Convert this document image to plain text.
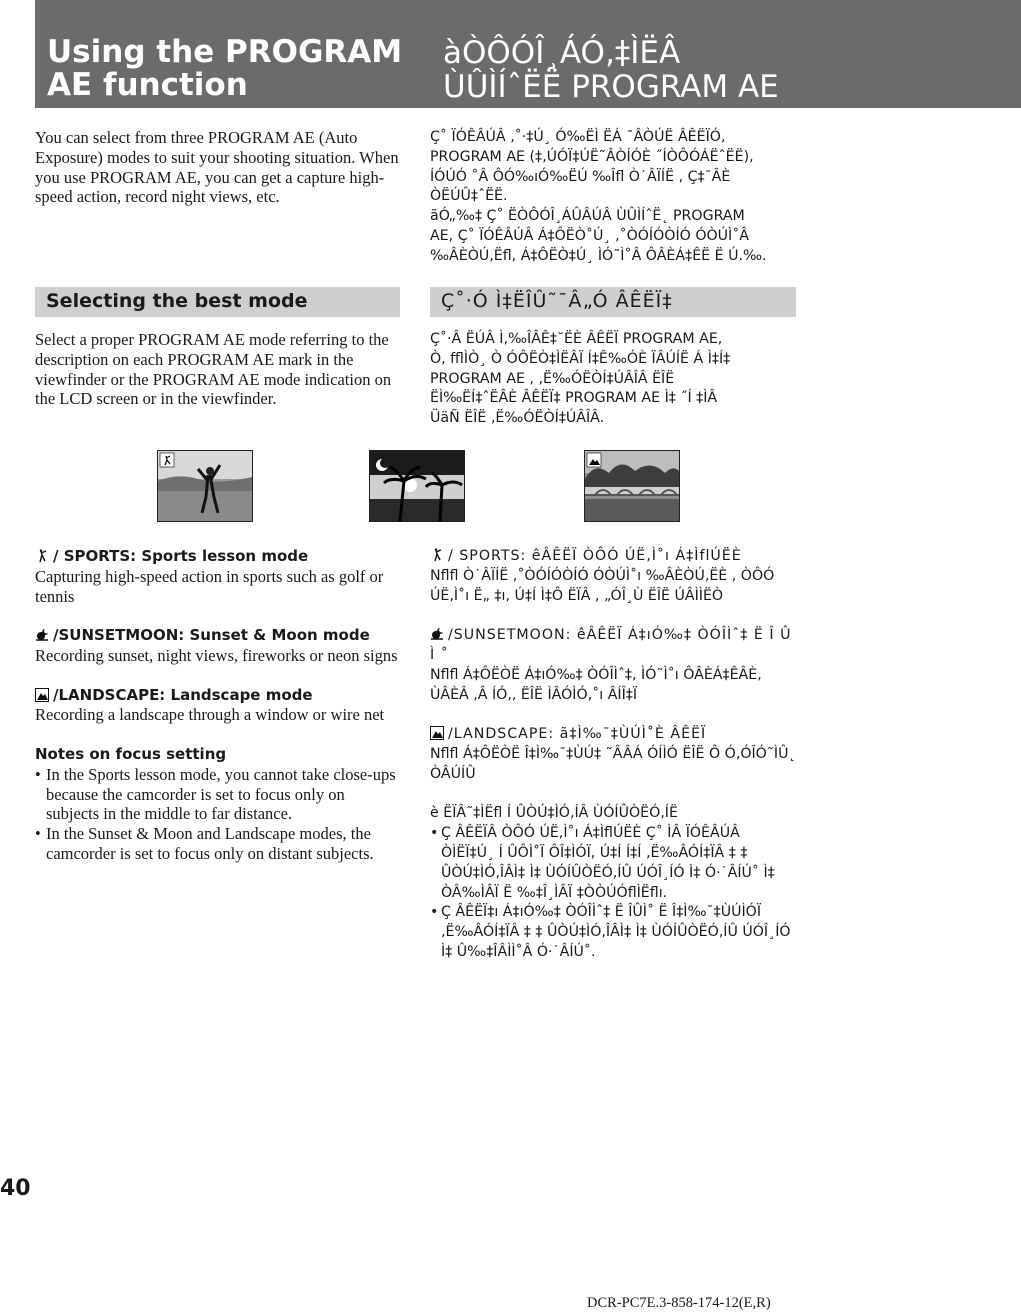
Using the PROGRAM AE function
àÒÔÓÎ¸ÁÓ‚‡ÌËÂ
ÙÛÌÍˆËË PROGRAM AE
You can select from three PROGRAM AE (Auto Exposure) modes to suit your shooting situation. When you use PROGRAM AE, you can get a capture high-speed action, record night views, etc.
Ç˚ ÏÓÊÂÚÂ ‚˚·‡Ú¸ Ó‰ËÌ ËÁ ¯ÂÒÚË ÂÊËÏÓ‚
PROGRAM AE (‡‚ÚÓÏ‡ÚË˜ÂÒÍÓÈ ˝ÍÒÔÓÁËˆËË),
ÍÓÚÓ ˚Â ÔÓ‰ıÓ‰ËÚ ‰Îfl Ò˙ÂÏÍË , Ç‡¯ÂÈ
ÒËÚÛ‡ˆËË.
ãÓ„‰‡ Ç˚ ËÒÔÓÎ¸ÁÛÂÚÂ ÙÛÌÍˆË˛ PROGRAM
AE, Ç˚ ÏÓÊÂÚÂ Á‡ÔËÒ˚Ú¸ ‚˚ÒÓÍÓÒÍÓ ÓÒÚÌ˚Â
‰ÂÈÒÚ‚Ëfl, Á‡ÔËÒ‡Ú¸ ÌÓ˜Ì˚Â ÔÂÈÁ‡ÊË Ë Ú.‰.
Selecting the best mode	Ç˚·Ó Ì‡ËÎÛ˜¯Â„Ó ÂÊËÏ‡
Select a proper PROGRAM AE mode referring to the description on each PROGRAM AE mark in the viewfinder or the PROGRAM AE mode indication on the LCD screen or in the viewfinder.
Ç˚·Â ËÚÂ Ì‚‰ÎÂÊ‡˘ËÈ ÂÊËÏ PROGRAM AE,
Ò‚ fflÌÒ¸ Ò ÓÔËÒ‡ÌËÂÏ Í‡Ê‰ÓÈ ÏÂÚÍË Á Ì‡Í‡
PROGRAM AE , ‚Ë‰ÓËÒÍ‡ÚÂÎÂ ËÎË
ËÌ‰ËÍ‡ˆËÂÈ ÂÊËÏ‡ PROGRAM AE Ì‡ ˝Í ‡ÌÂ
ÜäÑ ËÎË ‚Ë‰ÓËÒÍ‡ÚÂÎÂ.
/ SPORTS: Sports lesson mode
Capturing high-speed action in sports such as golf or tennis
/SUNSETMOON: Sunset & Moon mode
Recording sunset, night views, fireworks or neon signs
/LANDSCAPE: Landscape mode
Recording a landscape through a window or wire net
Notes on focus setting
• In the Sports lesson mode, you cannot take close-ups because the camcorder is set to focus only on subjects in the middle to far distance.
• In the Sunset & Moon and Landscape modes, the camcorder is set to focus only on distant subjects.
/ SPORTS: êÂÊËÏ ÒÔÓ ÚË‚Ì˚ı Á‡ÌflÚËÈ
Nflfl Ò˙ÂÏÍË ‚˚ÒÓÍÓÒÍÓ ÓÒÚÌ˚ı ‰ÂÈÒÚ‚ËÈ , ÒÔÓ ÚË‚Ì˚ı Ë„ ‡ı, Ú‡Í Ì‡Ô ËÏÂ , „ÓÎ¸Ù ËÎË ÚÂÌÌËÒ
/SUNSETMOON: êÂÊËÏ Á‡ıÓ‰‡ ÒÓÎÌˆ‡ Ë Î Û Ì ˚
Nflfl Á‡ÔËÒË Á‡ıÓ‰‡ ÒÓÎÌˆ‡, ÌÓ˜Ì˚ı ÔÂÈÁ‡ÊÂÈ, ÙÂÈÂ ‚Â ÍÓ‚, ËÎË ÌÂÓÌÓ‚˚ı ÂÍÎ‡Ï
/LANDSCAPE: ã‡Ì‰¯‡ÙÚÌ˚È ÂÊËÏ
Nflfl Á‡ÔËÒË Î‡Ì‰¯‡ÙÚ‡ ˜ÂÂÁ ÓÍÌÓ ËÎË Ô Ó‚ÓÎÓ˜ÌÛ˛ ÒÂÚÍÛ
è ËÏÂ˜‡ÌËfl Í ÛÒÚ‡ÌÓ‚ÍÂ ÙÓÍÛÒËÓ‚ÍË
• Ç ÂÊËÏÂ ÒÔÓ ÚË‚Ì˚ı Á‡ÌflÚËÈ Ç˚ ÌÂ ÏÓÊÂÚÂ ÒÌËÏ‡Ú¸ Í ÛÔÌ˚Ï ÔÎ‡ÌÓÏ, Ú‡Í Í‡Í ‚Ë‰ÂÓÍ‡ÏÂ ‡ ‡ ÛÒÚ‡ÌÓ‚ÎÂÌ‡ Ì‡ ÙÓÍÛÒËÓ‚ÍÛ ÚÓÎ¸ÍÓ Ì‡ Ó·˙ÂÍÚ˚ Ì‡ ÒÂ‰ÌÂÏ Ë ‰‡Î¸ÌÂÏ ‡ÒÒÚÓflÌËflı.
• Ç ÂÊËÏ‡ı Á‡ıÓ‰‡ ÒÓÎÌˆ‡ Ë ÎÛÌ˚ Ë Î‡Ì‰¯‡ÙÚÌÓÏ ‚Ë‰ÂÓÍ‡ÏÂ ‡ ‡ ÛÒÚ‡ÌÓ‚ÎÂÌ‡ Ì‡ ÙÓÍÛÒËÓ‚ÍÛ ÚÓÎ¸ÍÓ Ì‡ Û‰‡ÎÂÌÌ˚Â Ó·˙ÂÍÚ˚.
40
DCR-PC7E.3-858-174-12(E,R)
